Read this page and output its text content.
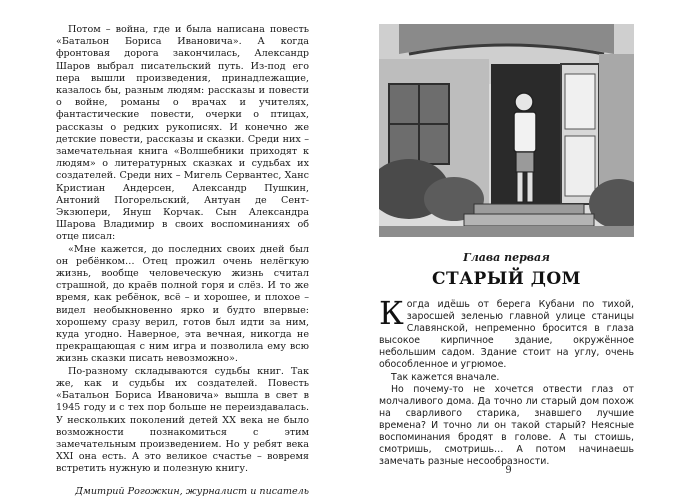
Потом – война, где и была написана повесть «Батальон Бориса Ивановича». А когда фронтовая дорога закончилась, Александр Шаров выбрал писательский путь. Из-под его пера вышли произведения, принадлежащие, казалось бы, разным людям: рассказы и повести о войне, романы о врачах и учителях, фантастические повести, очерки о птицах, рассказы о редких рукописях. И конечно же детские повести, рассказы и сказки. Среди них – замечательная книга «Волшебники приходят к людям» о литературных сказках и судьбах их создателей. Среди них – Мигель Сервантес, Ханс Кристиан Андерсен, Александр Пушкин, Антоний Погорельский, Антуан де Сент-Экзюпери, Януш Корчак. Сын Александра Шарова Владимир в своих воспоминаниях об отце писал:

«Мне кажется, до последних своих дней был он ребёнком… Отец прожил очень нелёгкую жизнь, вообще человеческую жизнь считал страшной, до краёв полной горя и слёз. И то же время, как ребёнок, всё – и хорошее, и плохое – видел необыкновенно ярко и будто впервые: хорошему сразу верил, готов был идти за ним, куда угодно. Наверное, эта вечная, никогда не прекращающая с ним игра и позволила ему всю жизнь сказки писать невозможно».

По-разному складываются судьбы книг. Так же, как и судьбы их создателей. Повесть «Батальон Бориса Ивановича» вышла в свет в 1945 году и с тех пор больше не переиздавалась. У нескольких поколений детей XX века не было возможности познакомиться с этим замечательным произведением. Но у ребят века XXI она есть. А это великое счастье – вовремя встретить нужную и полезную книгу.

Дмитрий Рогожкин, журналист и писатель

Глава первая
СТАРЫЙ ДОМ

Когда идёшь от берега Кубани по тихой, заросшей зеленью главной улице станицы Славянской, непременно бросится в глаза высокое кирпичное здание, окружённое небольшим садом. Здание стоит на углу, очень обособленное и угрюмое.

Так кажется вначале.

Но почему-то не хочется отвести глаз от молчаливого дома. Да точно ли старый дом похож на сварливого старика, знавшего лучшие времена? И точно ли он такой старый? Неясные воспоминания бродят в голове. А ты стоишь, смотришь, смотришь… А потом начинаешь замечать разные несообразности.

9
